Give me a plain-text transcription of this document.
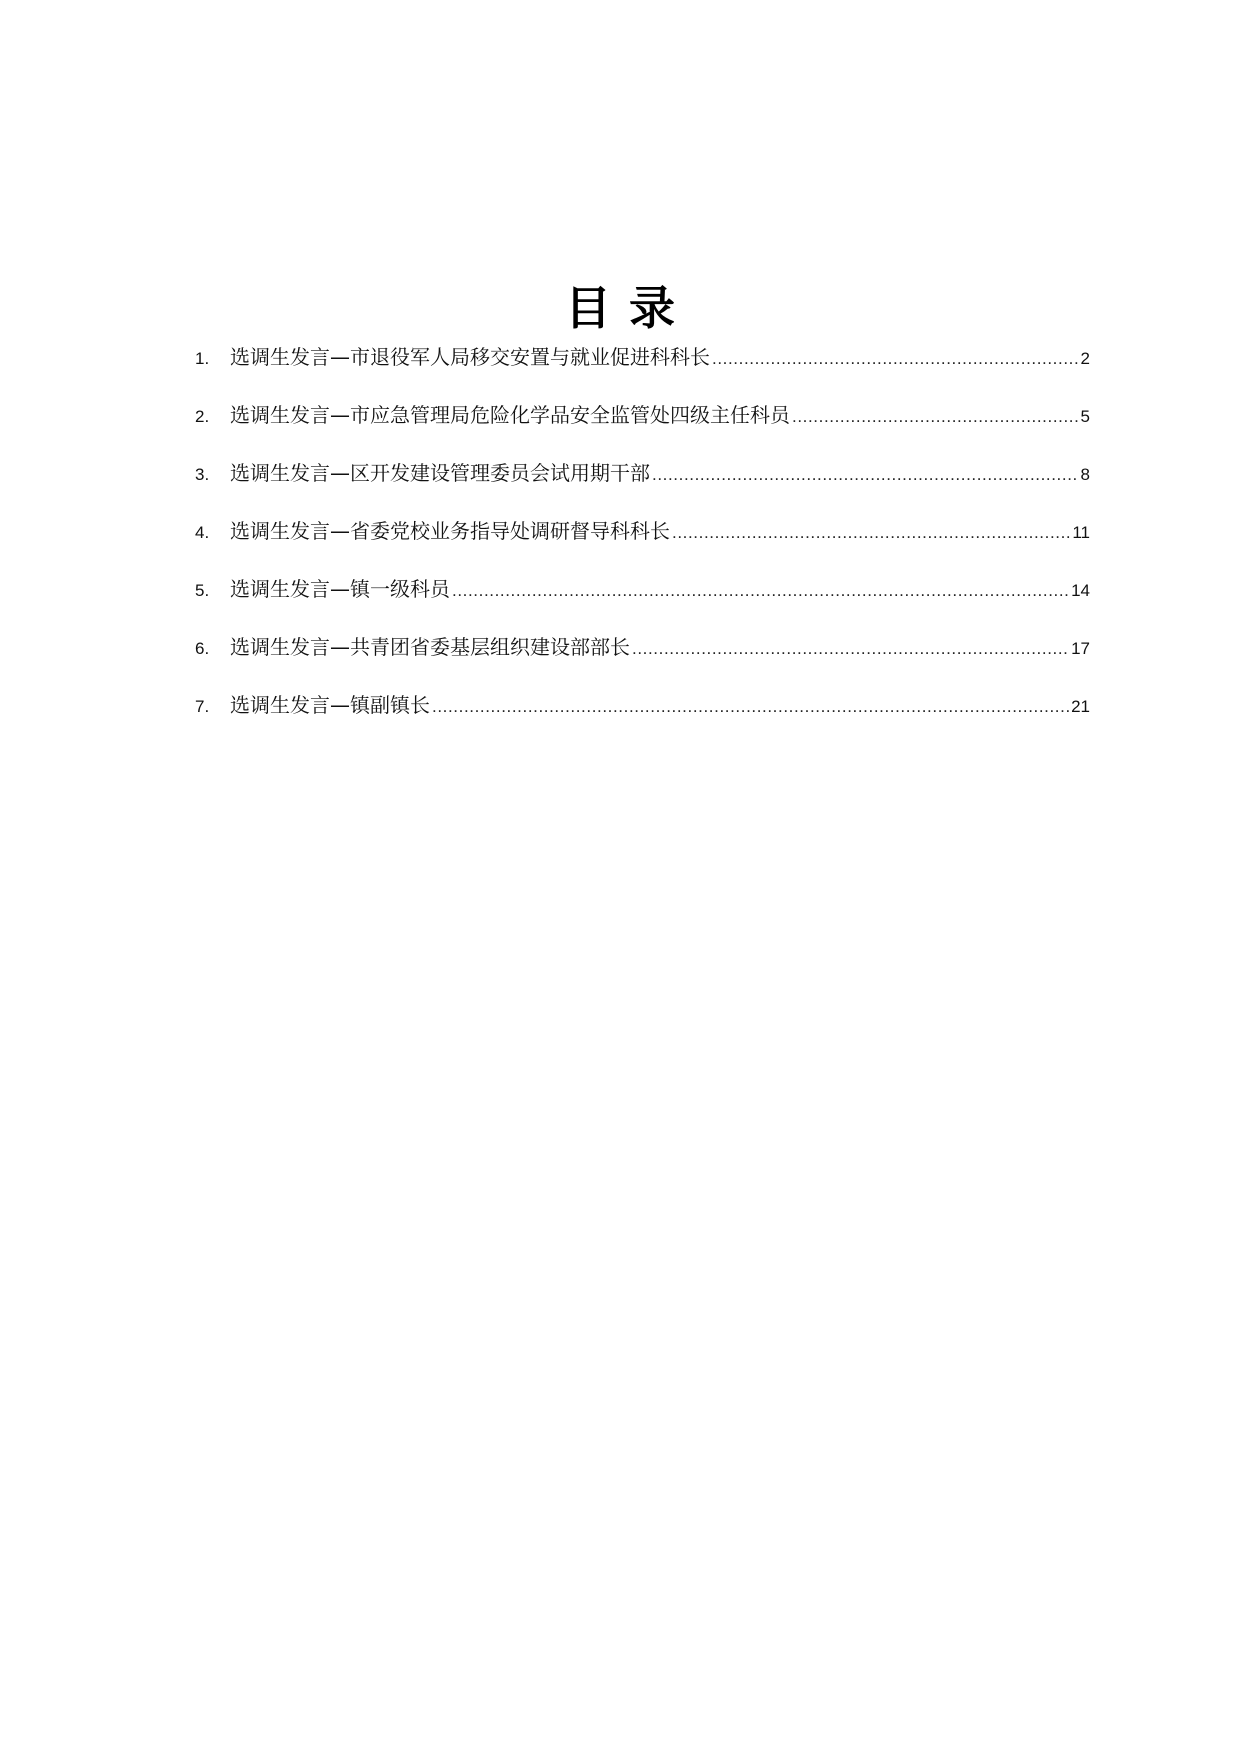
目录
1.	选调生发言—市退役军人局移交安置与就业促进科科长 .....	2
2.	选调生发言—市应急管理局危险化学品安全监管处四级主任科员 .....	5
3.	选调生发言—区开发建设管理委员会试用期干部 .....	8
4.	选调生发言—省委党校业务指导处调研督导科科长 .....	11
5.	选调生发言—镇一级科员 .....	14
6.	选调生发言—共青团省委基层组织建设部部长 .....	17
7.	选调生发言—镇副镇长 .....	21
